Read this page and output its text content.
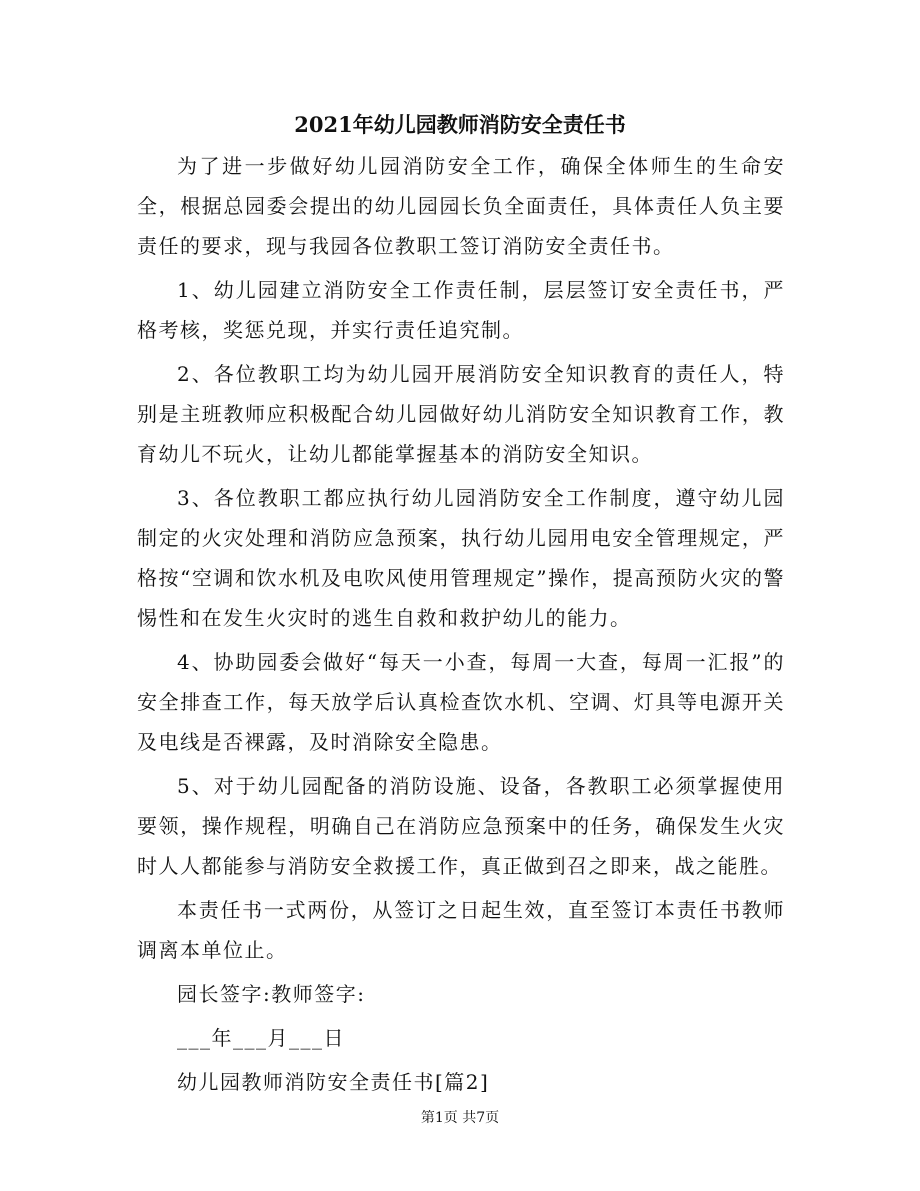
2021年幼儿园教师消防安全责任书

为了进一步做好幼儿园消防安全工作，确保全体师生的生命安全，根据总园委会提出的幼儿园园长负全面责任，具体责任人负主要责任的要求，现与我园各位教职工签订消防安全责任书。

1、幼儿园建立消防安全工作责任制，层层签订安全责任书，严格考核，奖惩兑现，并实行责任追究制。

2、各位教职工均为幼儿园开展消防安全知识教育的责任人，特别是主班教师应积极配合幼儿园做好幼儿消防安全知识教育工作，教育幼儿不玩火，让幼儿都能掌握基本的消防安全知识。

3、各位教职工都应执行幼儿园消防安全工作制度，遵守幼儿园制定的火灾处理和消防应急预案，执行幼儿园用电安全管理规定，严格按“空调和饮水机及电吹风使用管理规定”操作，提高预防火灾的警惕性和在发生火灾时的逃生自救和救护幼儿的能力。

4、协助园委会做好“每天一小查，每周一大查，每周一汇报”的安全排查工作，每天放学后认真检查饮水机、空调、灯具等电源开关及电线是否裸露，及时消除安全隐患。

5、对于幼儿园配备的消防设施、设备，各教职工必须掌握使用要领，操作规程，明确自己在消防应急预案中的任务，确保发生火灾时人人都能参与消防安全救援工作，真正做到召之即来，战之能胜。

本责任书一式两份，从签订之日起生效，直至签订本责任书教师调离本单位止。

园长签字:教师签字:

___年___月___日

幼儿园教师消防安全责任书[篇2]

第1页 共7页
